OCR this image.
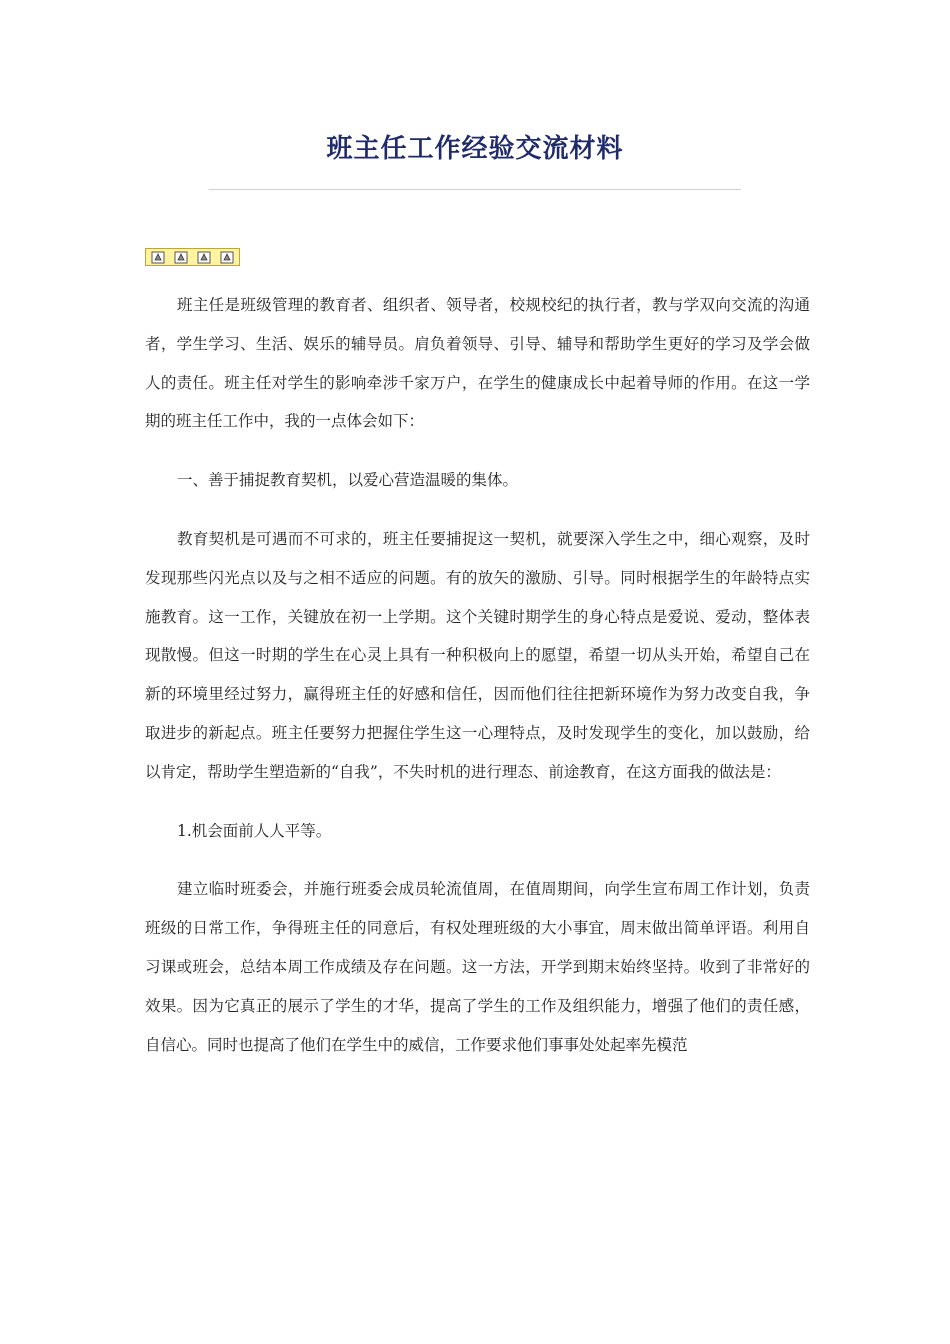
班主任工作经验交流材料

班主任是班级管理的教育者、组织者、领导者，校规校纪的执行者，教与学双向交流的沟通者，学生学习、生活、娱乐的辅导员。肩负着领导、引导、辅导和帮助学生更好的学习及学会做人的责任。班主任对学生的影响牵涉千家万户，在学生的健康成长中起着导师的作用。在这一学期的班主任工作中，我的一点体会如下：

一、善于捕捉教育契机，以爱心营造温暖的集体。

教育契机是可遇而不可求的，班主任要捕捉这一契机，就要深入学生之中，细心观察，及时发现那些闪光点以及与之相不适应的问题。有的放矢的激励、引导。同时根据学生的年龄特点实施教育。这一工作，关键放在初一上学期。这个关键时期学生的身心特点是爱说、爱动，整体表现散慢。但这一时期的学生在心灵上具有一种积极向上的愿望，希望一切从头开始，希望自己在新的环境里经过努力，赢得班主任的好感和信任，因而他们往往把新环境作为努力改变自我，争取进步的新起点。班主任要努力把握住学生这一心理特点，及时发现学生的变化，加以鼓励，给以肯定，帮助学生塑造新的“自我”，不失时机的进行理态、前途教育，在这方面我的做法是：

1.机会面前人人平等。

建立临时班委会，并施行班委会成员轮流值周，在值周期间，向学生宣布周工作计划，负责班级的日常工作，争得班主任的同意后，有权处理班级的大小事宜，周末做出简单评语。利用自习课或班会，总结本周工作成绩及存在问题。这一方法，开学到期末始终坚持。收到了非常好的效果。因为它真正的展示了学生的才华，提高了学生的工作及组织能力，增强了他们的责任感，自信心。同时也提高了他们在学生中的威信，工作要求他们事事处处起率先模范
